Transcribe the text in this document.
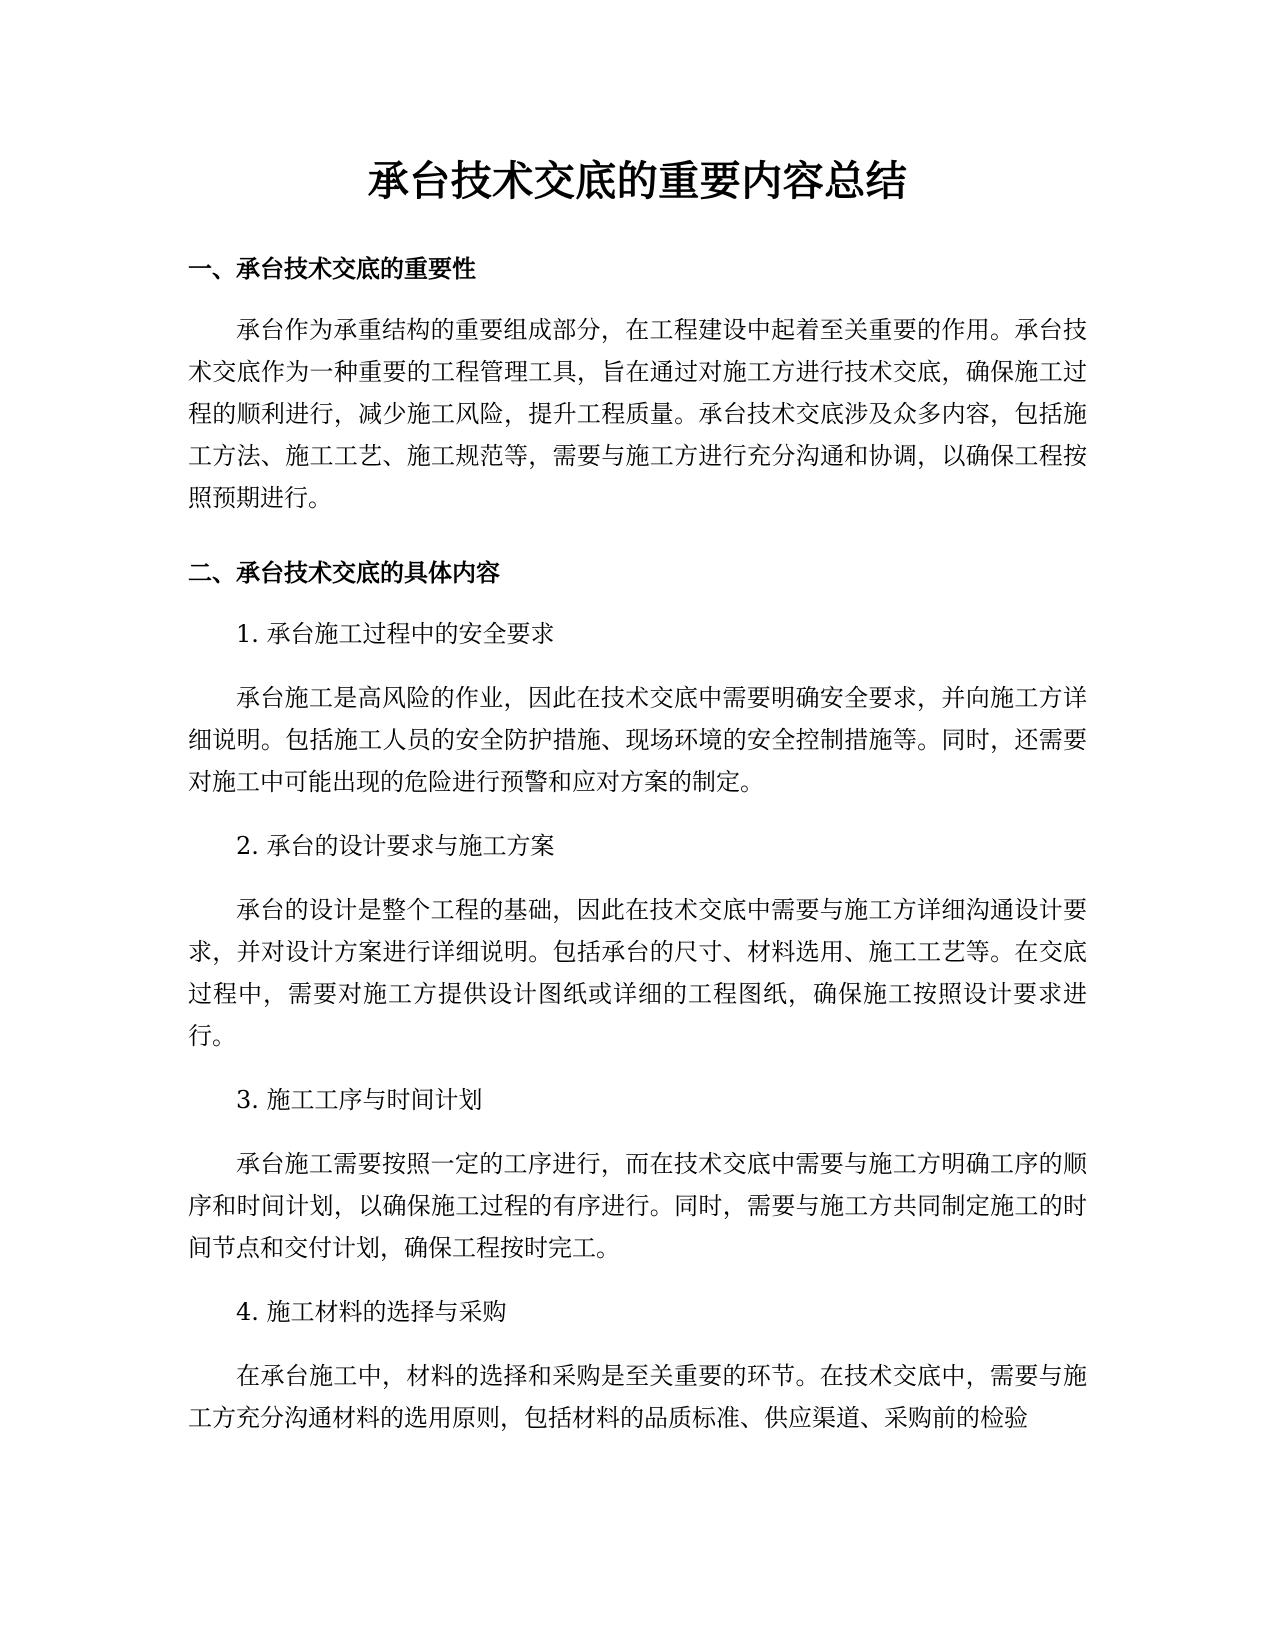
承台技术交底的重要内容总结
一、承台技术交底的重要性

承台作为承重结构的重要组成部分，在工程建设中起着至关重要的作用。承台技术交底作为一种重要的工程管理工具，旨在通过对施工方进行技术交底，确保施工过程的顺利进行，减少施工风险，提升工程质量。承台技术交底涉及众多内容，包括施工方法、施工工艺、施工规范等，需要与施工方进行充分沟通和协调，以确保工程按照预期进行。

二、承台技术交底的具体内容

1. 承台施工过程中的安全要求

承台施工是高风险的作业，因此在技术交底中需要明确安全要求，并向施工方详细说明。包括施工人员的安全防护措施、现场环境的安全控制措施等。同时，还需要对施工中可能出现的危险进行预警和应对方案的制定。

2. 承台的设计要求与施工方案

承台的设计是整个工程的基础，因此在技术交底中需要与施工方详细沟通设计要求，并对设计方案进行详细说明。包括承台的尺寸、材料选用、施工工艺等。在交底过程中，需要对施工方提供设计图纸或详细的工程图纸，确保施工按照设计要求进行。

3. 施工工序与时间计划

承台施工需要按照一定的工序进行，而在技术交底中需要与施工方明确工序的顺序和时间计划，以确保施工过程的有序进行。同时，需要与施工方共同制定施工的时间节点和交付计划，确保工程按时完工。

4. 施工材料的选择与采购

在承台施工中，材料的选择和采购是至关重要的环节。在技术交底中，需要与施工方充分沟通材料的选用原则，包括材料的品质标准、供应渠道、采购前的检验
